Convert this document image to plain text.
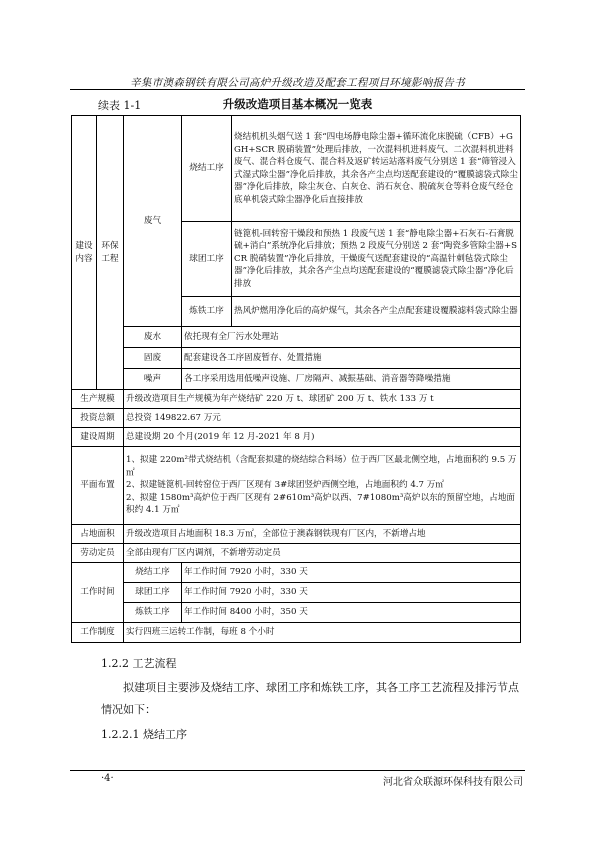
辛集市澳森钢铁有限公司高炉升级改造及配套工程项目环境影响报告书
续表 1-1	升级改造项目基本概况一览表
建设内容	环保工程	废气	烧结工序	烧结机机头烟气送 1 套“四电场静电除尘器+循环流化床脱硫（CFB）+GGH+SCR 脱硝装置”处理后排放，一次混料机进料废气、二次混料机进料废气、混合料仓废气、混合料及返矿转运站落料废气分别送 1 套“筛管浸入式湿式除尘器”净化后排放，其余各产尘点均送配套建设的“覆膜滤袋式除尘器”净化后排放，除尘灰仓、白灰仓、消石灰仓、脱硫灰仓等料仓废气经仓底单机袋式除尘器净化后直接排放
			球团工序	链篦机-回转窑干燥段和预热 1 段废气送 1 套“静电除尘器+石灰石-石膏脱硫+消白”系统净化后排放；预热 2 段废气分别送 2 套“陶瓷多管除尘器+SCR 脱硝装置”净化后排放，干燥废气送配套建设的“高温针刺毡袋式除尘器”净化后排放，其余各产尘点均送配套建设的“覆膜滤袋式除尘器”净化后排放
			炼铁工序	热风炉燃用净化后的高炉煤气，其余各产尘点配套建设覆膜滤料袋式除尘器
		废水	依托现有全厂污水处理站	
		固废	配套建设各工序固废暂存、处置措施	
		噪声	各工序采用选用低噪声设施、厂房隔声、减振基础、消音器等降噪措施	
生产规模		升级改造项目生产规模为年产烧结矿 220 万 t、球团矿 200 万 t、铁水 133 万 t		
投资总额		总投资 149822.67 万元		
建设周期		总建设期 20 个月(2019 年 12 月-2021 年 8 月)		
平面布置		1、拟建 220m²带式烧结机（含配套拟建的烧结综合料场）位于西厂区最北侧空地，占地面积约 9.5 万㎡
2、拟建链篦机-回转窑位于西厂区现有 3#球团竖炉西侧空地，占地面积约 4.7 万㎡
2、拟建 1580m³高炉位于西厂区现有 2#610m³高炉以西、7#1080m³高炉以东的预留空地，占地面积约 4.1 万㎡		

占地面积		升级改造项目占地面积 18.3 万㎡，全部位于澳森钢铁现有厂区内，不新增占地		
劳动定员		全部由现有厂区内调剂，不新增劳动定员		
工作时间		烧结工序	年工作时间 7920 小时，330 天	
		球团工序	年工作时间 7920 小时，330 天	
		炼铁工序	年工作时间 8400 小时，350 天	
工作制度		实行四班三运转工作制，每班 8 个小时		
1.2.2 工艺流程
拟建项目主要涉及烧结工序、球团工序和炼铁工序，其各工序工艺流程及排污节点情况如下：
1.2.2.1 烧结工序
·4·	河北省众联源环保科技有限公司
